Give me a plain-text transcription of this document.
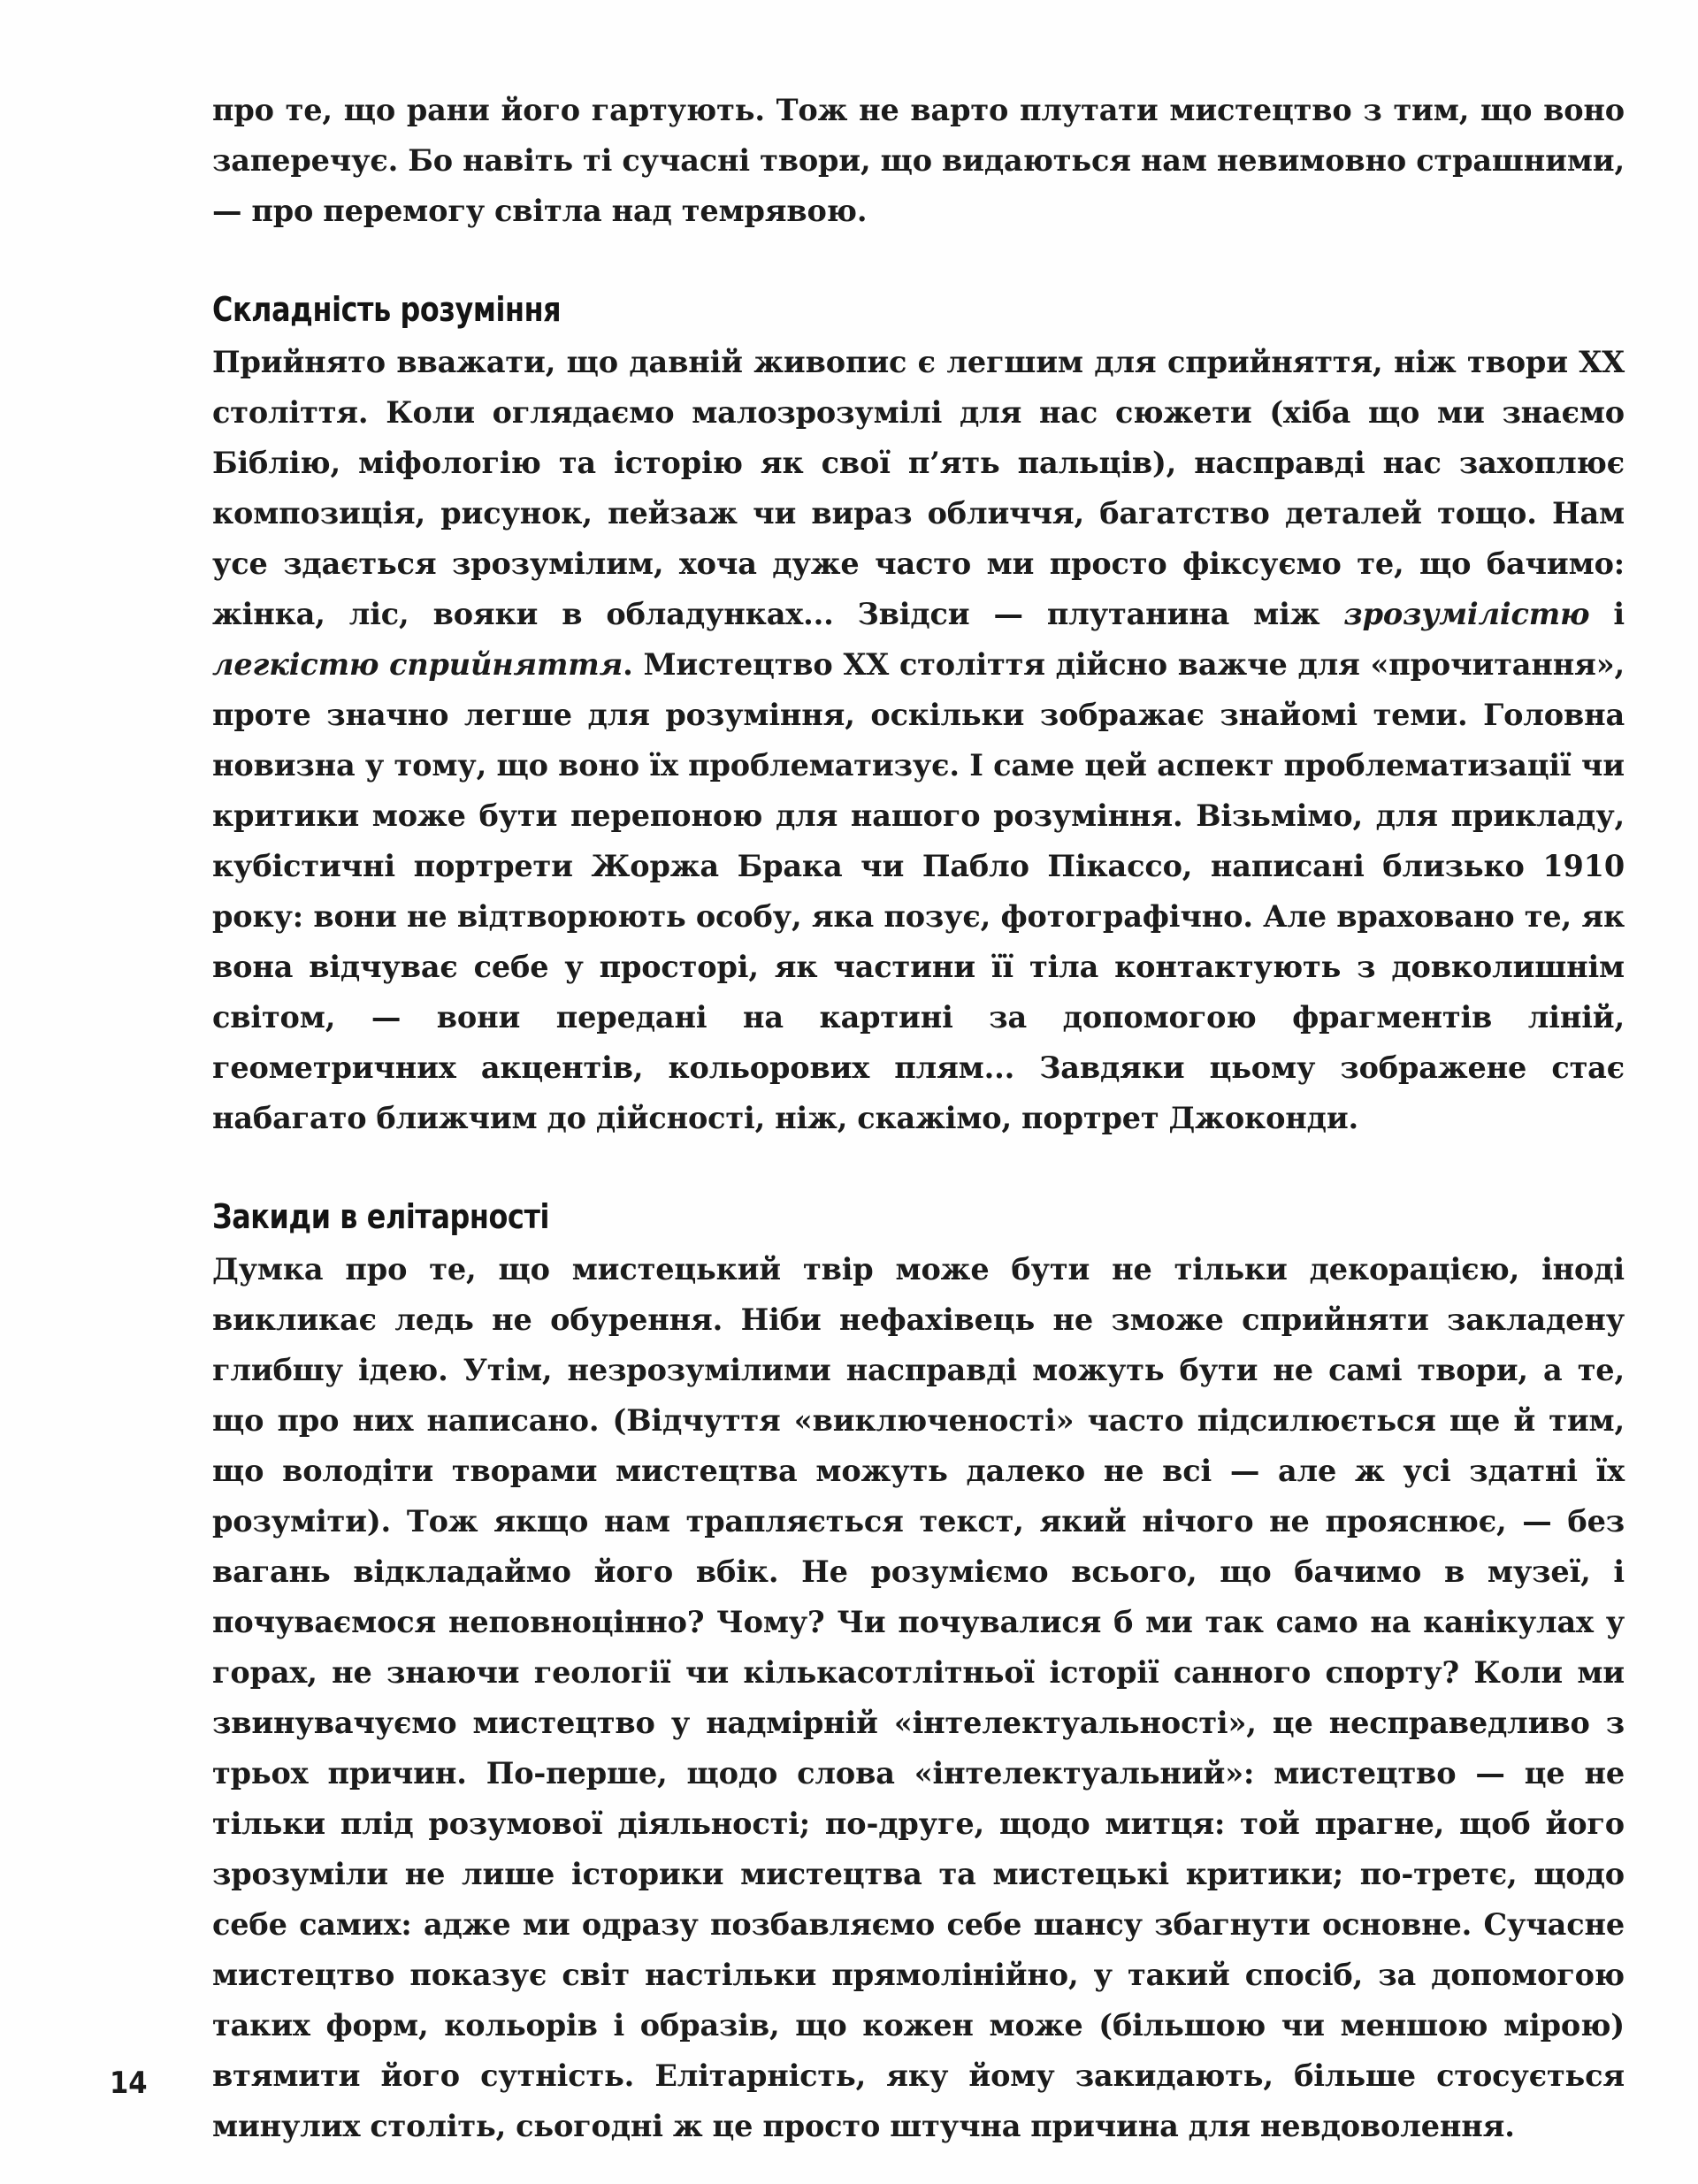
про те, що рани його гартують. Тож не варто плутати мистецтво з тим, що воно заперечує. Бо навіть ті сучасні твори, що видаються нам невимовно страшними, — про перемогу світла над темрявою.

Складність розуміння

Прийнято вважати, що давній живопис є легшим для сприйняття, ніж твори ХХ століття. Коли оглядаємо малозрозумілі для нас сюжети (хіба що ми знаємо Біблію, міфологію та історію як свої п’ять пальців), насправді нас захоплює композиція, рисунок, пейзаж чи вираз обличчя, багатство деталей тощо. Нам усе здається зрозумілим, хоча дуже часто ми просто фіксуємо те, що бачимо: жінка, ліс, вояки в обладунках... Звідси — плутанина між зрозумілістю і легкістю сприйняття. Мистецтво ХХ століття дійсно важче для «прочитання», проте значно легше для розуміння, оскільки зображає знайомі теми. Головна новизна у тому, що воно їх проблематизує. І саме цей аспект проблематизації чи критики може бути перепоною для нашого розуміння. Візьмімо, для прикладу, кубістичні портрети Жоржа Брака чи Пабло Пікассо, написані близько 1910 року: вони не відтворюють особу, яка позує, фотографічно. Але враховано те, як вона відчуває себе у просторі, як частини її тіла контактують з довколишнім світом, — вони передані на картині за допомогою фрагментів ліній, геометричних акцентів, кольорових плям... Завдяки цьому зображене стає набагато ближчим до дійсності, ніж, скажімо, портрет Джоконди.

Закиди в елітарності

Думка про те, що мистецький твір може бути не тільки декорацією, іноді викликає ледь не обурення. Ніби нефахівець не зможе сприйняти закладену глибшу ідею. Утім, незрозумілими насправді можуть бути не самі твори, а те, що про них написано. (Відчуття «виключеності» часто підсилюється ще й тим, що володіти творами мистецтва можуть далеко не всі — але ж усі здатні їх розуміти). Тож якщо нам трапляється текст, який нічого не прояснює, — без вагань відкладаймо його вбік. Не розуміємо всього, що бачимо в музеї, і почуваємося неповноцінно? Чому? Чи почувалися б ми так само на канікулах у горах, не знаючи геології чи кількасотлітньої історії санного спорту? Коли ми звинувачуємо мистецтво у надмірній «інтелектуальності», це несправедливо з трьох причин. По-перше, щодо слова «інтелектуальний»: мистецтво — це не тільки плід розумової діяльності; по-друге, щодо митця: той прагне, щоб його зрозуміли не лише історики мистецтва та мистецькі критики; по-третє, щодо себе самих: адже ми одразу позбавляємо себе шансу збагнути основне. Сучасне мистецтво показує світ настільки прямолінійно, у такий спосіб, за допомогою таких форм, кольорів і образів, що кожен може (більшою чи меншою мірою) втямити його сутність. Елітарність, яку йому закидають, більше стосується минулих століть, сьогодні ж це просто штучна причина для невдоволення.

14
